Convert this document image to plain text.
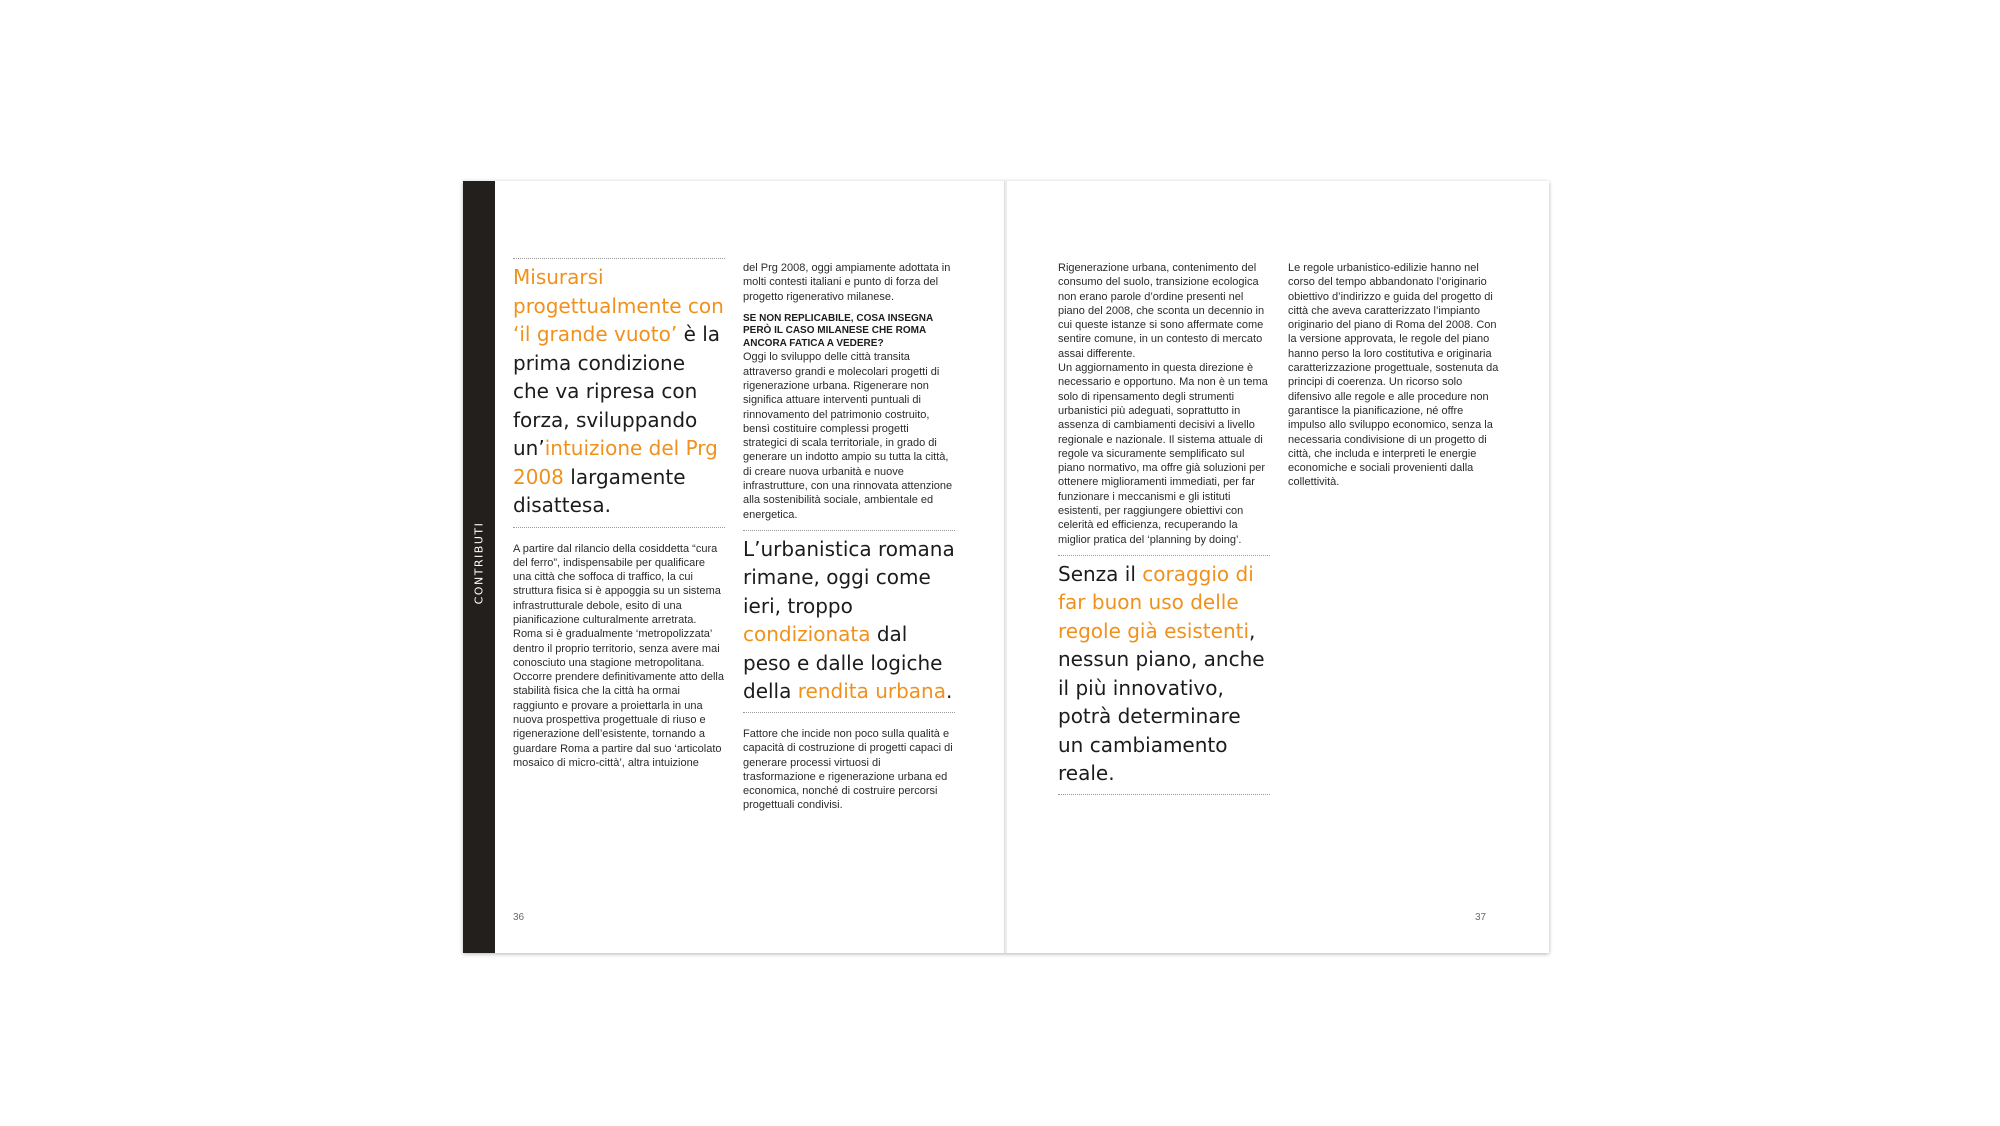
CONTRIBUTI
Misurarsi progettualmente con ‘il grande vuoto’ è la prima condizione che va ripresa con forza, sviluppando un’intuizione del Prg 2008 largamente disattesa.

A partire dal rilancio della cosiddetta “cura del ferro”, indispensabile per qualificare una città che soffoca di traffico, la cui struttura fisica si è appoggia su un sistema infrastrutturale debole, esito di una pianificazione culturalmente arretrata.
Roma si è gradualmente ‘metropolizzata’ dentro il proprio territorio, senza avere mai conosciuto una stagione metropolitana. Occorre prendere definitivamente atto della stabilità fisica che la città ha ormai raggiunto e provare a proiettarla in una nuova prospettiva progettuale di riuso e rigenerazione dell’esistente, tornando a guardare Roma a partire dal suo ‘articolato mosaico di micro-città’, altra intuizione

del Prg 2008, oggi ampiamente adottata in molti contesti italiani e punto di forza del progetto rigenerativo milanese.

SE NON REPLICABILE, COSA INSEGNA PERÒ IL CASO MILANESE CHE ROMA ANCORA FATICA A VEDERE?

Oggi lo sviluppo delle città transita attraverso grandi e molecolari progetti di rigenerazione urbana. Rigenerare non significa attuare interventi puntuali di rinnovamento del patrimonio costruito, bensì costituire complessi progetti strategici di scala territoriale, in grado di generare un indotto ampio su tutta la città, di creare nuova urbanità e nuove infrastrutture, con una rinnovata attenzione alla sostenibilità sociale, ambientale ed energetica.

L’urbanistica romana rimane, oggi come ieri, troppo condizionata dal peso e dalle logiche della rendita urbana.

Fattore che incide non poco sulla qualità e capacità di costruzione di progetti capaci di generare processi virtuosi di trasformazione e rigenerazione urbana ed economica, nonché di costruire percorsi progettuali condivisi.

36

Rigenerazione urbana, contenimento del consumo del suolo, transizione ecologica non erano parole d’ordine presenti nel piano del 2008, che sconta un decennio in cui queste istanze si sono affermate come sentire comune, in un contesto di mercato assai differente.
Un aggiornamento in questa direzione è necessario e opportuno. Ma non è un tema solo di ripensamento degli strumenti urbanistici più adeguati, soprattutto in assenza di cambiamenti decisivi a livello regionale e nazionale. Il sistema attuale di regole va sicuramente semplificato sul piano normativo, ma offre già soluzioni per ottenere miglioramenti immediati, per far funzionare i meccanismi e gli istituti esistenti, per raggiungere obiettivi con celerità ed efficienza, recuperando la miglior pratica del ‘planning by doing’.

Senza il coraggio di far buon uso delle regole già esistenti, nessun piano, anche il più innovativo, potrà determinare un cambiamento reale.

Le regole urbanistico-edilizie hanno nel corso del tempo abbandonato l’originario obiettivo d’indirizzo e guida del progetto di città che aveva caratterizzato l’impianto originario del piano di Roma del 2008. Con la versione approvata, le regole del piano hanno perso la loro costitutiva e originaria caratterizzazione progettuale, sostenuta da principi di coerenza. Un ricorso solo difensivo alle regole e alle procedure non garantisce la pianificazione, né offre impulso allo sviluppo economico, senza la necessaria condivisione di un progetto di città, che includa e interpreti le energie economiche e sociali provenienti dalla collettività.

37
